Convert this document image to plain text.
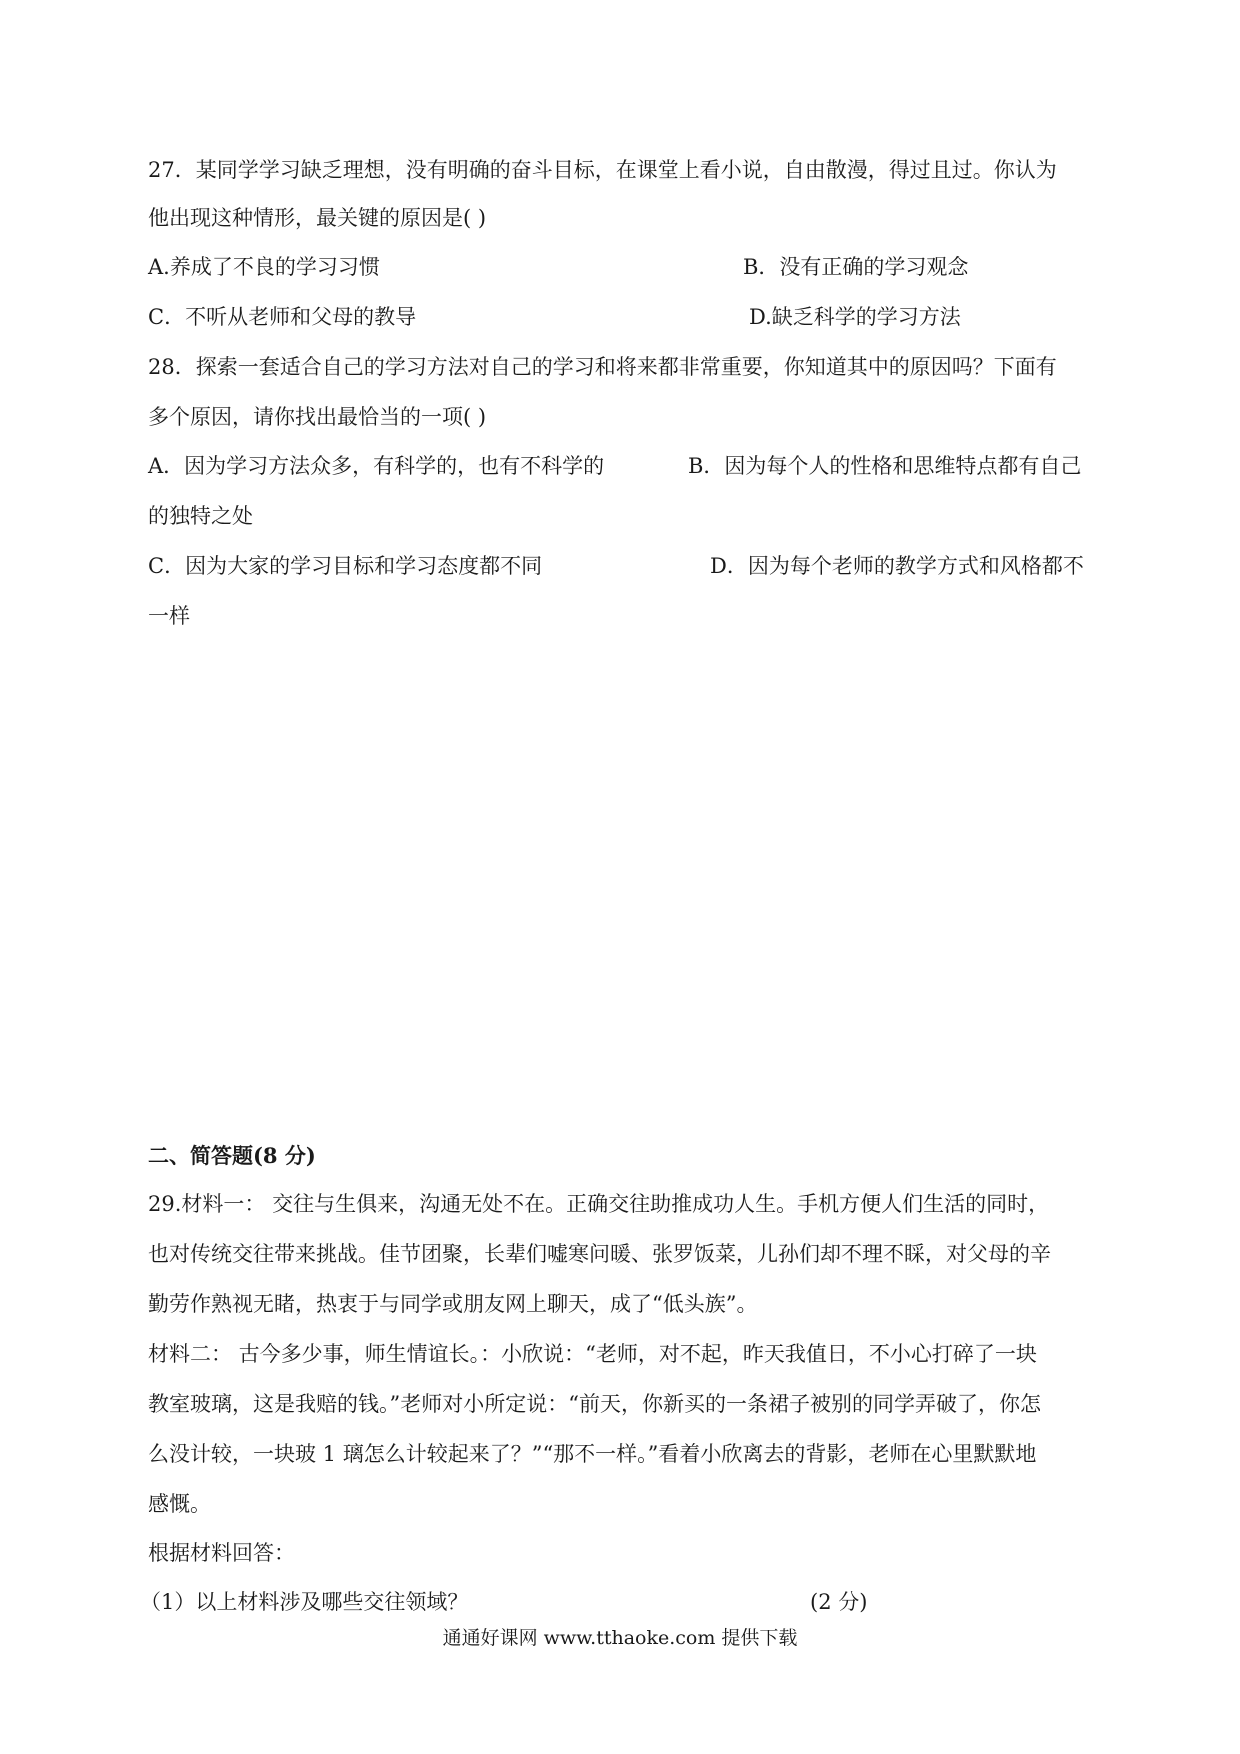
27．某同学学习缺乏理想，没有明确的奋斗目标，在课堂上看小说，自由散漫，得过且过。你认为
他出现这种情形，最关键的原因是( )
A.养成了不良的学习习惯	B．没有正确的学习观念
C．不听从老师和父母的教导	D.缺乏科学的学习方法
28．探索一套适合自己的学习方法对自己的学习和将来都非常重要，你知道其中的原因吗？下面有
多个原因，请你找出最恰当的一项( )
A．因为学习方法众多，有科学的，也有不科学的	B．因为每个人的性格和思维特点都有自己
的独特之处
C．因为大家的学习目标和学习态度都不同	D．因为每个老师的教学方式和风格都不
一样
二、简答题(8 分)
29.材料一： 交往与生俱来，沟通无处不在。正确交往助推成功人生。手机方便人们生活的同时，
也对传统交往带来挑战。佳节团聚，长辈们嘘寒问暖、张罗饭菜，儿孙们却不理不睬，对父母的辛
勤劳作熟视无睹，热衷于与同学或朋友网上聊天，成了“低头族”。
材料二： 古今多少事，师生情谊长。：小欣说：“老师，对不起，昨天我值日，不小心打碎了一块
教室玻璃，这是我赔的钱。”老师对小所定说：“前天，你新买的一条裙子被别的同学弄破了，你怎
么没计较，一块玻 1 璃怎么计较起来了？”“那不一样。”看着小欣离去的背影，老师在心里默默地
感慨。
根据材料回答：
（1）以上材料涉及哪些交往领域？	(2 分)
通通好课网 www.tthaoke.com 提供下载
